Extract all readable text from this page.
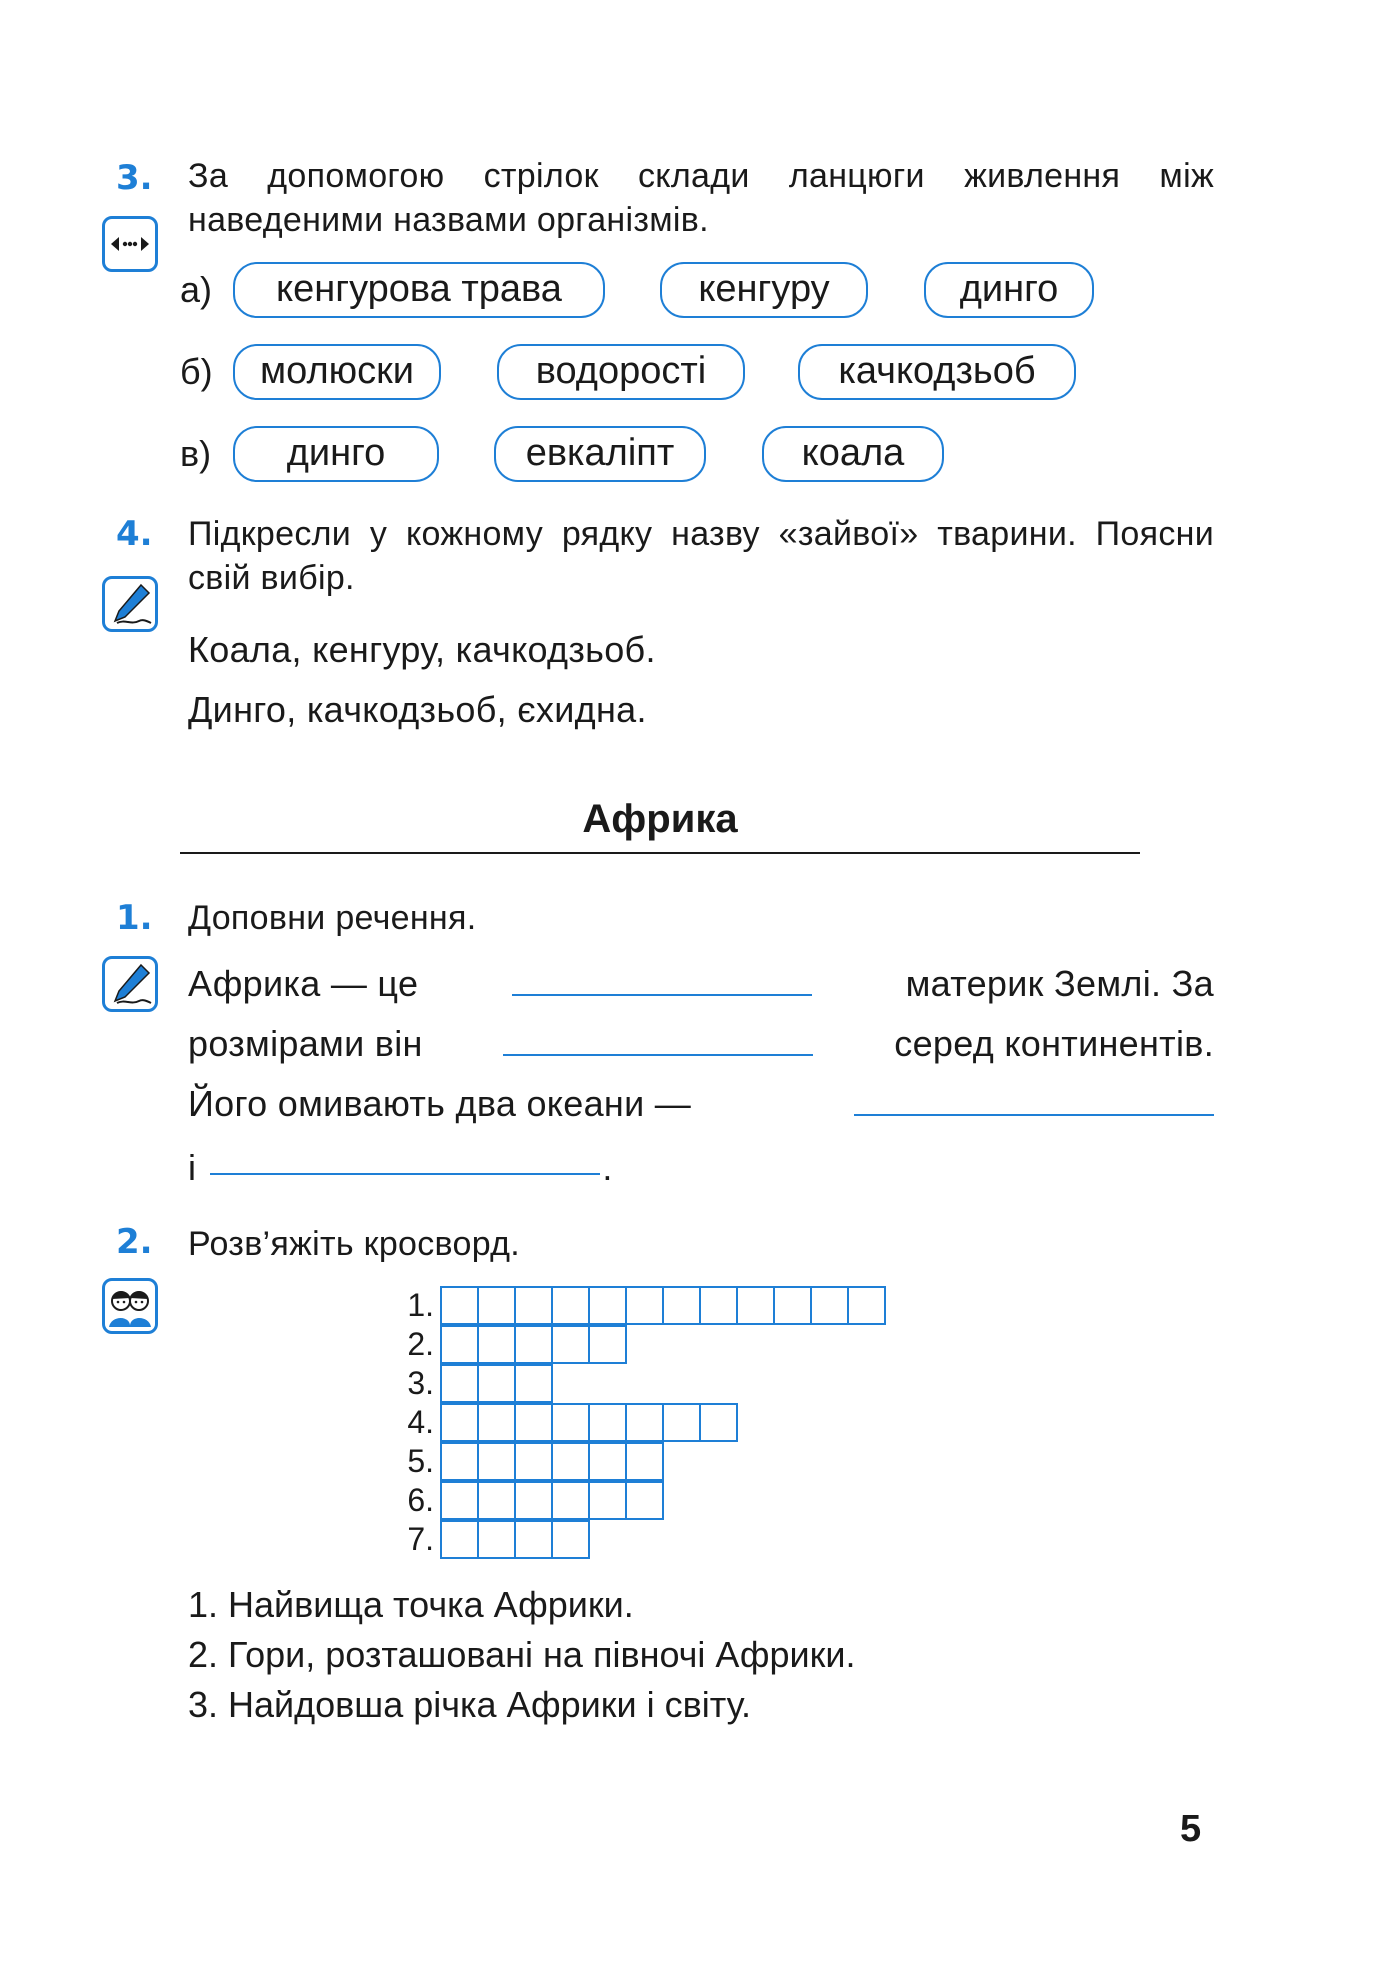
3. За допомогою стрілок склади ланцюги живлення між наведеними назвами організмів.
а)	кенгурова трава	кенгуру	динго
б)	молюски	водорості	качкодзьоб
в)	динго	евкаліпт	коала
4. Підкресли у кожному рядку назву «зайвої» тварини. Поясни свій вибір.
Коала, кенгуру, качкодзьоб.
Динго, качкодзьоб, єхидна.
Африка
1. Доповни речення.
Африка — це	материк Землі. За
розмірами він	серед континентів.
Його омивають два океани —
і	.
2. Розв’яжіть кросворд.
1.
2.
3.
4.
5.
6.
7.
1. Найвища точка Африки.
2. Гори, розташовані на півночі Африки.
3. Найдовша річка Африки і світу.
5
